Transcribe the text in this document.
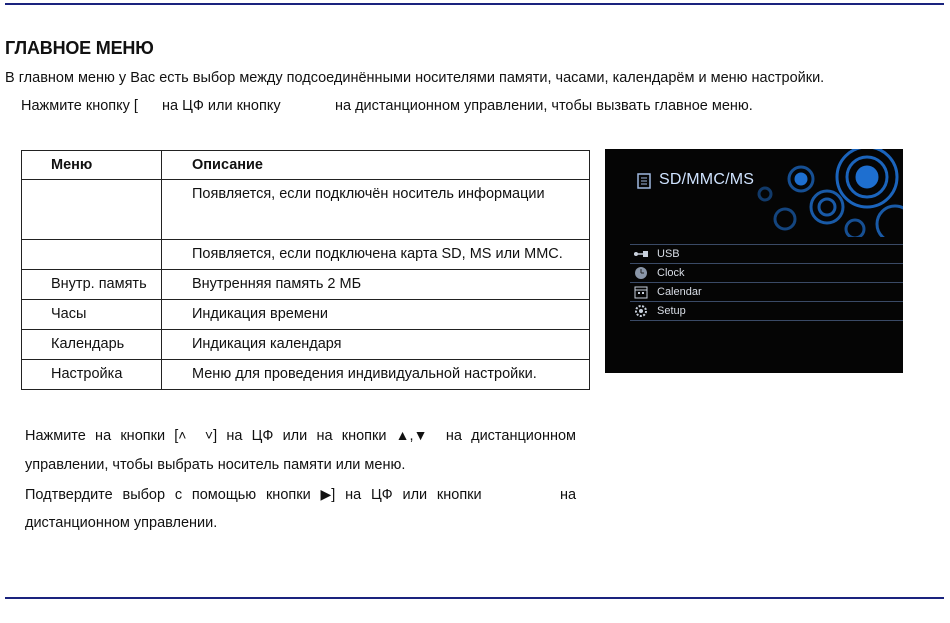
ГЛАВНОЕ МЕНЮ
В главном меню у Вас есть выбор между подсоединёнными носителями памяти, часами, календарём и меню настройки.
Нажмите кнопку [ на ЦФ или кнопку	на дистанционном управлении, чтобы вызвать главное меню.
Меню	Описание
	Появляется, если подключён носитель информации
	Появляется, если подключена карта SD, MS или MMC.
Внутр. память	Внутренняя память 2 МБ
Часы	Индикация времени
Календарь	Индикация календаря
Настройка	Меню для проведения индивидуальной настройки.
SD/MMC/MS
USB
Clock
Calendar
Setup
Нажмите на кнопки [˄ ˅] на ЦФ или на кнопки ▲,▼ на дистанционном
управлении, чтобы выбрать носитель памяти или меню.
Подтвердите выбор с помощью кнопки ▶] на ЦФ или кнопки	на
дистанционном управлении.
